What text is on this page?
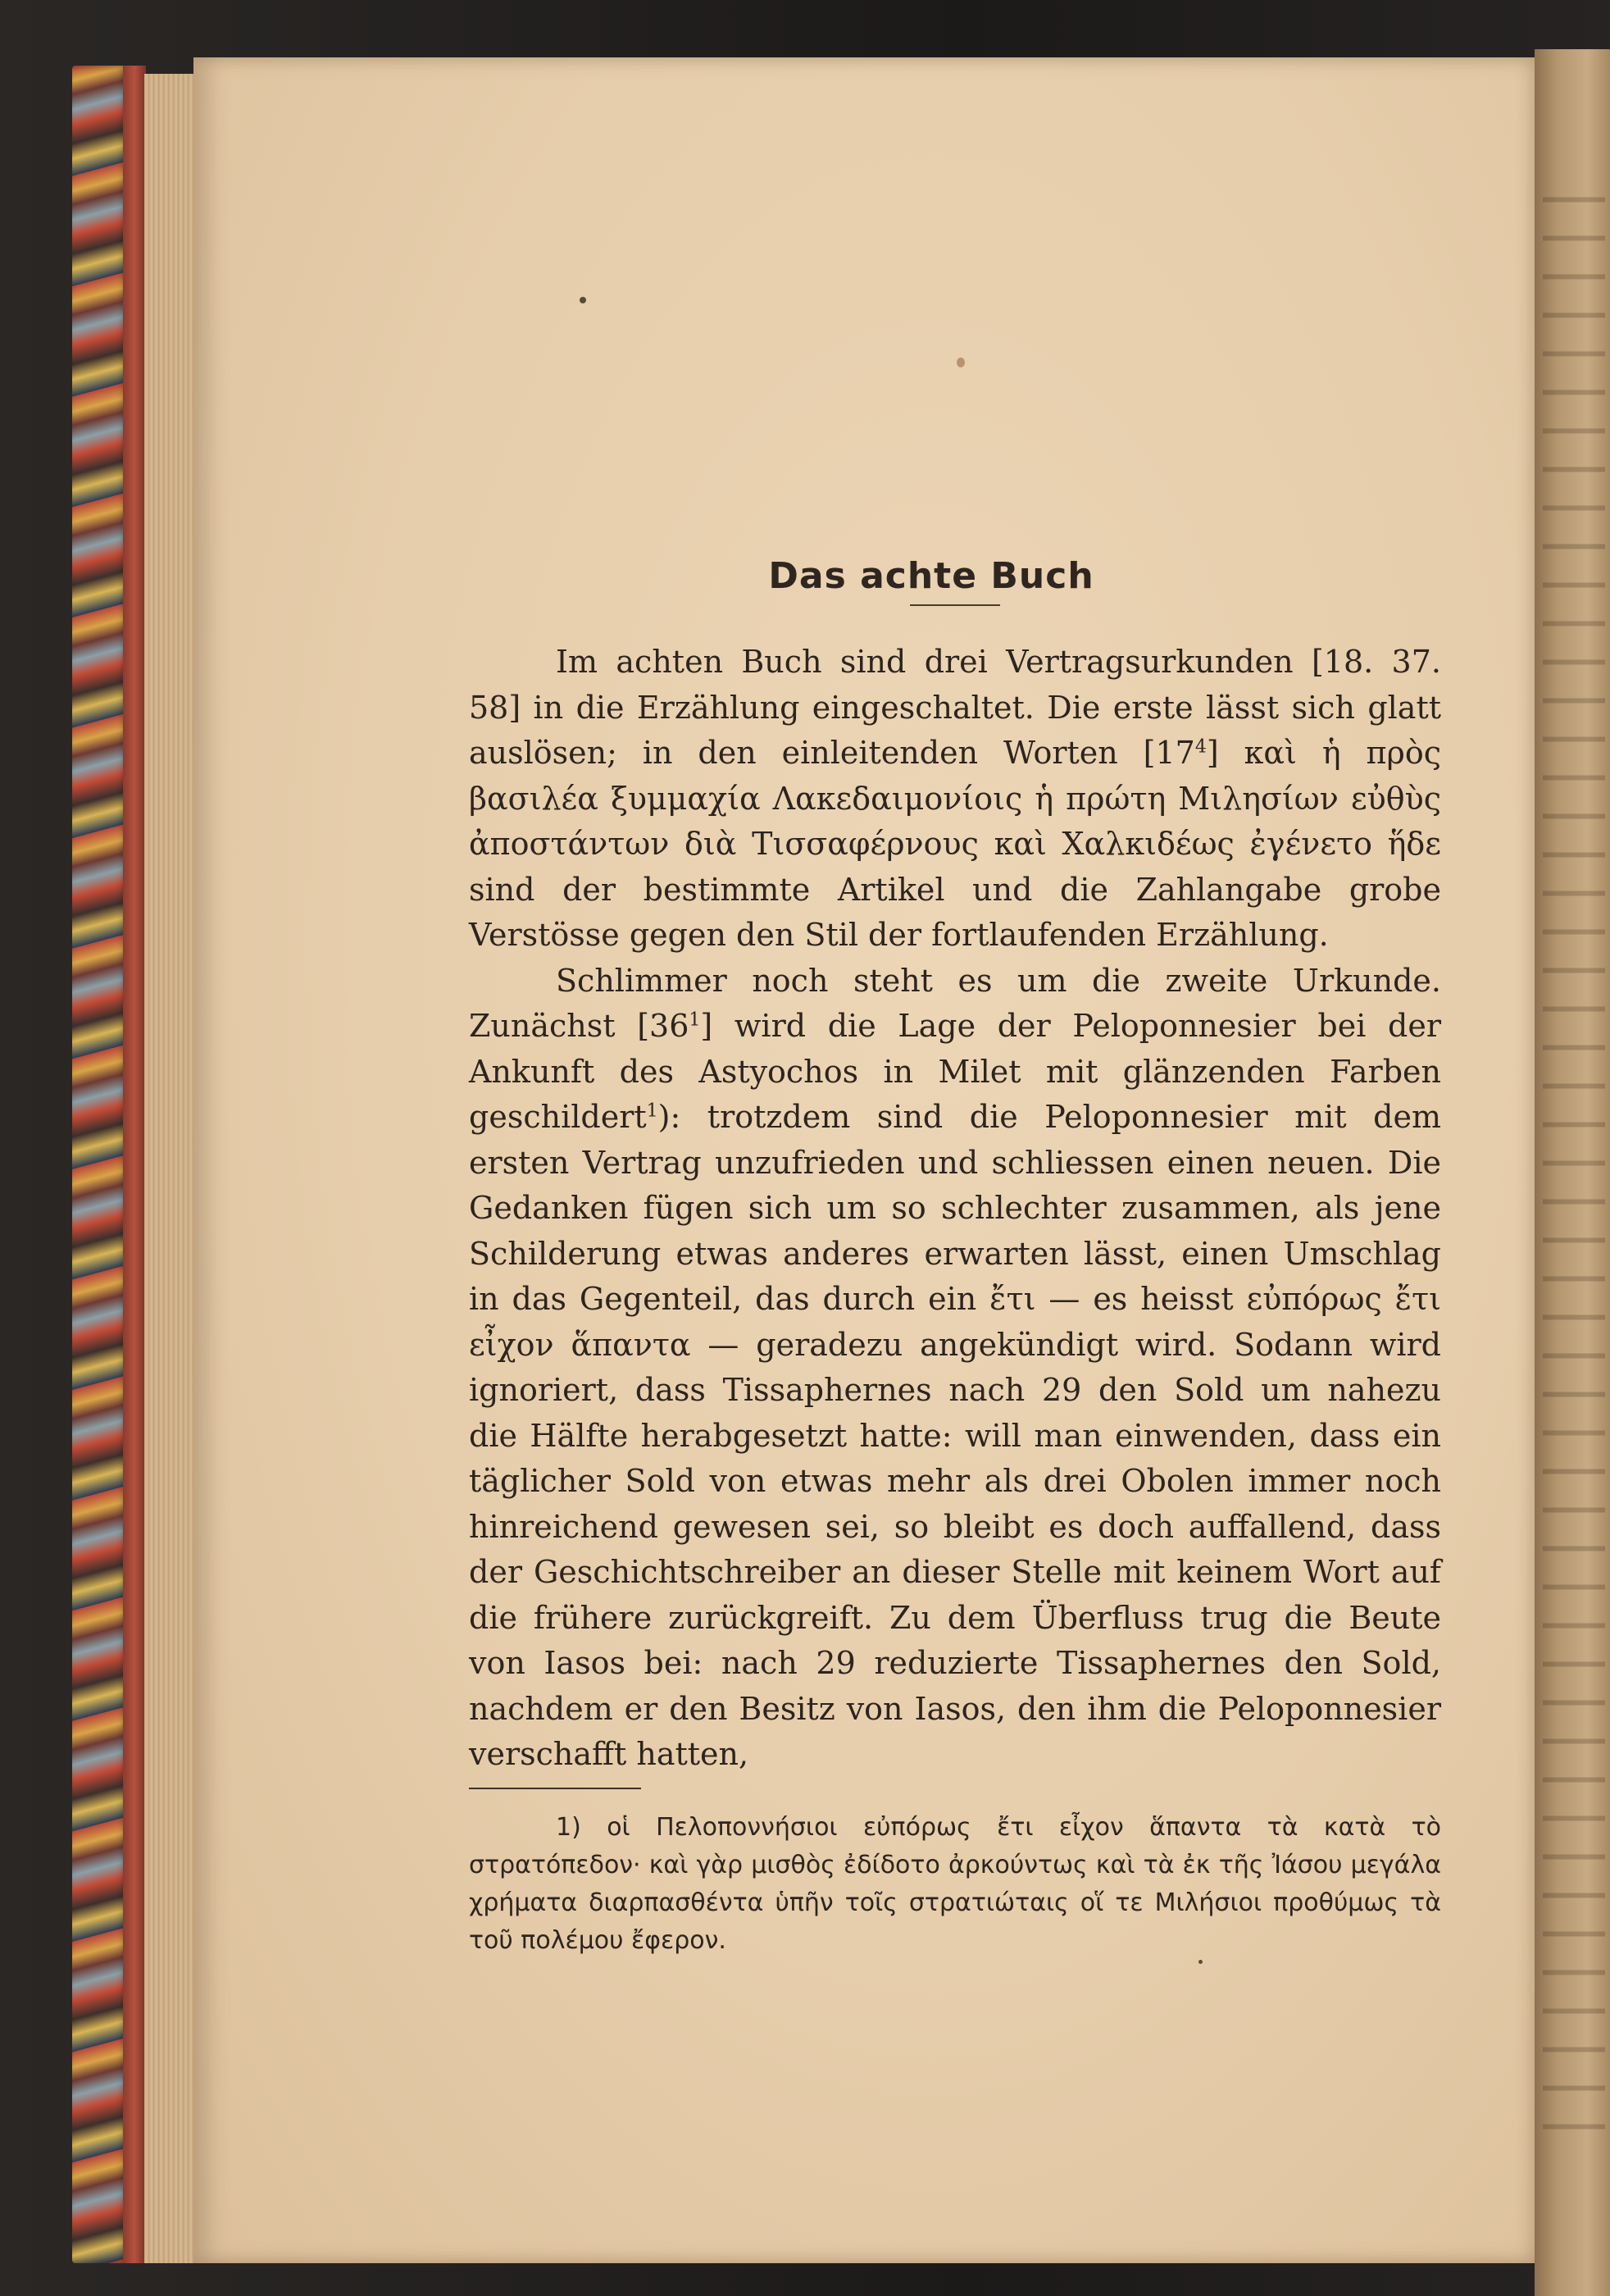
Das achte Buch

Im achten Buch sind drei Vertragsurkunden [18. 37. 58] in die Erzählung eingeschaltet. Die erste lässt sich glatt auslösen; in den einleitenden Worten $[17^4]$ καὶ ἡ πρὸς βασιλέα ξυμμαχία Λακεδαιμονίοις ἡ πρώτη Μιλησίων εὐθὺς ἀποστάντων διὰ Τισσαφέρνους καὶ Χαλκιδέως ἐγένετο ἥδε sind der bestimmte Artikel und die Zahlangabe grobe Verstösse gegen den Stil der fortlaufenden Erzählung.

Schlimmer noch steht es um die zweite Urkunde. Zunächst $[36^1]$ wird die Lage der Peloponnesier bei der Ankunft des Astyochos in Milet mit glänzenden Farben geschildert$^1$): trotzdem sind die Peloponnesier mit dem ersten Vertrag unzufrieden und schliessen einen neuen. Die Gedanken fügen sich um so schlechter zusammen, als jene Schilderung etwas anderes erwarten lässt, einen Umschlag in das Gegenteil, das durch ein ἔτι — es heisst εὐπόρως ἔτι εἶχον ἅπαντα — geradezu angekündigt wird. Sodann wird ignoriert, dass Tissaphernes nach 29 den Sold um nahezu die Hälfte herabgesetzt hatte: will man einwenden, dass ein täglicher Sold von etwas mehr als drei Obolen immer noch hinreichend gewesen sei, so bleibt es doch auffallend, dass der Geschichtschreiber an dieser Stelle mit keinem Wort auf die frühere zurückgreift. Zu dem Überfluss trug die Beute von Iasos bei: nach 29 reduzierte Tissaphernes den Sold, nachdem er den Besitz von Iasos, den ihm die Peloponnesier verschafft hatten,

1) οἱ Πελοποννήσιοι εὐπόρως ἔτι εἶχον ἅπαντα τὰ κατὰ τὸ στρατόπεδον· καὶ γὰρ μισθὸς ἐδίδοτο ἀρκούντως καὶ τὰ ἐκ τῆς Ἰάσου μεγάλα χρήματα διαρπασθέντα ὑπῆν τοῖς στρατιώταις οἵ τε Μιλήσιοι προθύμως τὰ τοῦ πολέμου ἔφερον.
